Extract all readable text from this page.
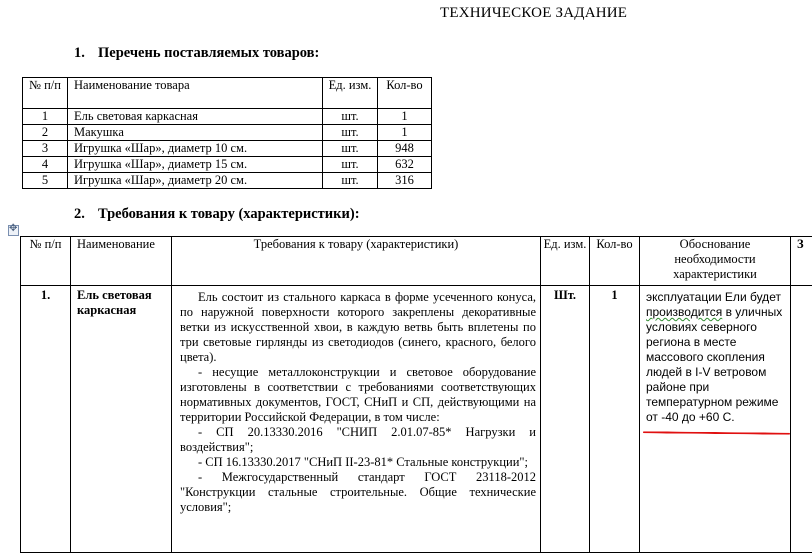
ТЕХНИЧЕСКОЕ ЗАДАНИЕ
1. Перечень поставляемых товаров:
№ п/п	Наименование товара	Ед. изм.	Кол-во
1	Ель световая каркасная	шт.	1
2	Макушка	шт.	1
3	Игрушка «Шар», диаметр 10 см.	шт.	948
4	Игрушка «Шар», диаметр 15 см.	шт.	632
5	Игрушка «Шар», диаметр 20 см.	шт.	316
2. Требования к товару (характеристики):
✥
№ п/п	Наименование	Требования к товару (характеристики)	Ед. изм.	Кол-во	Обоснование необходимости характеристики	З
1.	Ель световая каркасная	Ель состоит из стального каркаса в форме усеченного конуса, по наружной поверхности которого закреплены декоративные ветки из искусственной хвои, в каждую ветвь быть вплетены по три световые гирлянды из светодиодов (синего, красного, белого цвета).

- несущие металлоконструкции и световое оборудование изготовлены в соответствии с требованиями соответствующих нормативных документов, ГОСТ, СНиП и СП, действующими на территории Российской Федерации, в том числе:

- СП 20.13330.2016 "СНИП 2.01.07-85* Нагрузки и воздействия";

- СП 16.13330.2017 "СНиП II-23-81* Стальные конструкции";

- Межгосударственный стандарт ГОСТ 23118-2012 "Конструкции стальные строительные. Общие технические условия";	Шт.	1	эксплуатации Ели будет производится в уличных условиях северного региона в месте массового скопления людей в I-V ветровом районе при температурном режиме от -40 до +60 С.	
